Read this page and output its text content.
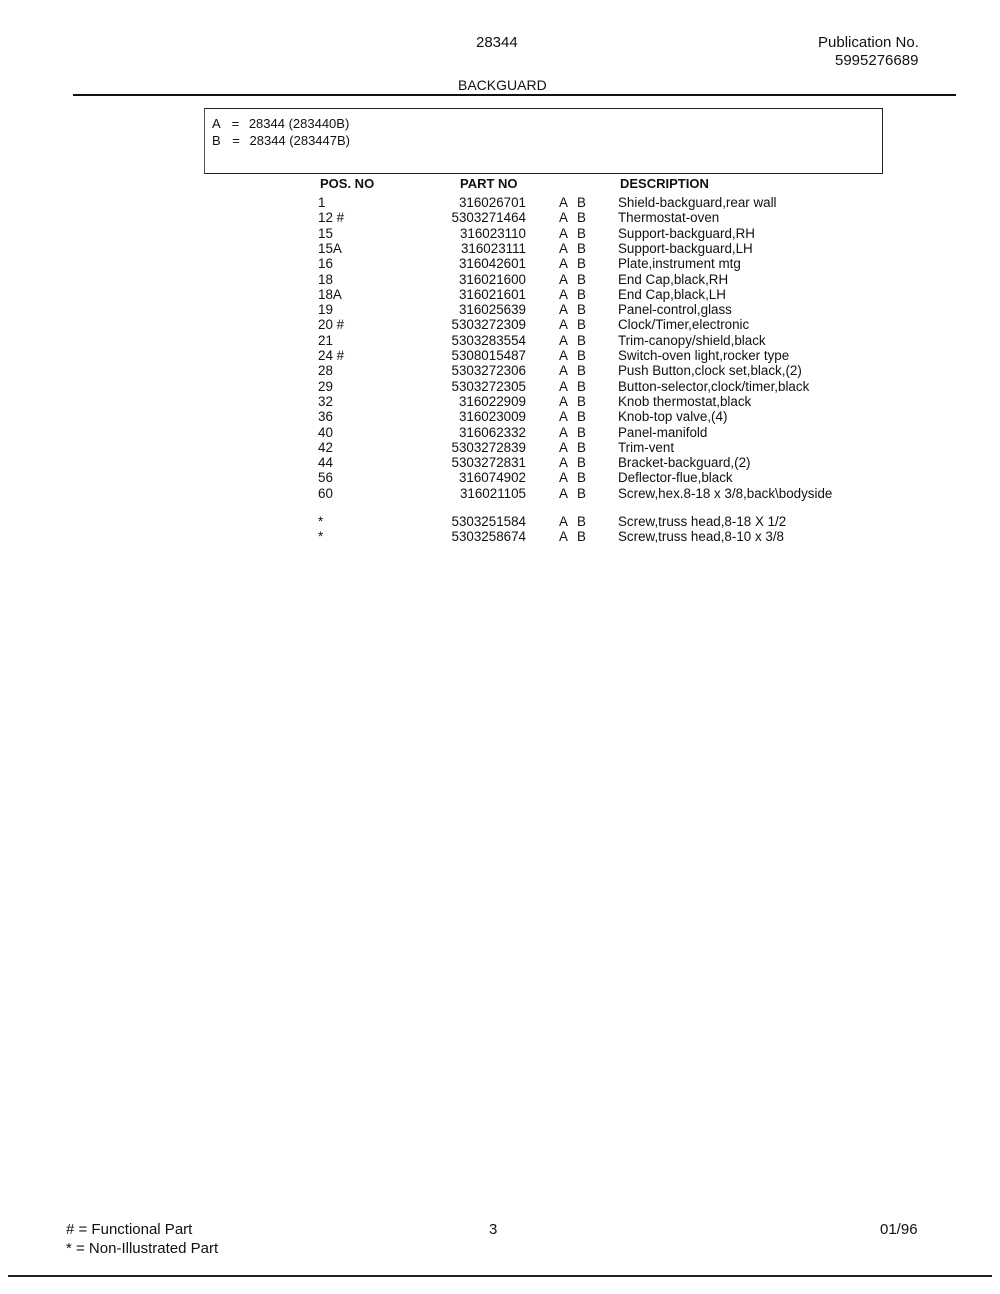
28344	Publication No.
5995276689
BACKGUARD
A = 28344 (283440B)
B = 28344 (283447B)
POS. NO	PART NO	DESCRIPTION
1	316026701 A B Shield-backguard,rear wall
12 #	5303271464 A B Thermostat-oven
15	316023110 A B Support-backguard,RH
15A	316023111 A B Support-backguard,LH
16	316042601 A B Plate,instrument mtg
18	316021600 A B End Cap,black,RH
18A	316021601 A B End Cap,black,LH
19	316025639 A B Panel-control,glass
20 #	5303272309 A B Clock/Timer,electronic
21	5303283554 A B Trim-canopy/shield,black
24 #	5308015487 A B Switch-oven light,rocker type
28	5303272306 A B Push Button,clock set,black,(2)
29	5303272305 A B Button-selector,clock/timer,black
32	316022909 A B Knob thermostat,black
36	316023009 A B Knob-top valve,(4)
40	316062332 A B Panel-manifold
42	5303272839 A B Trim-vent
44	5303272831 A B Bracket-backguard,(2)
56	316074902 A B Deflector-flue,black
60	316021105 A B Screw,hex.8-18 x 3/8,back\bodyside
*	5303251584 A B Screw,truss head,8-18 X 1/2
*	5303258674 A B Screw,truss head,8-10 x 3/8
# = Functional Part
* = Non-Illustrated Part
3	01/96
